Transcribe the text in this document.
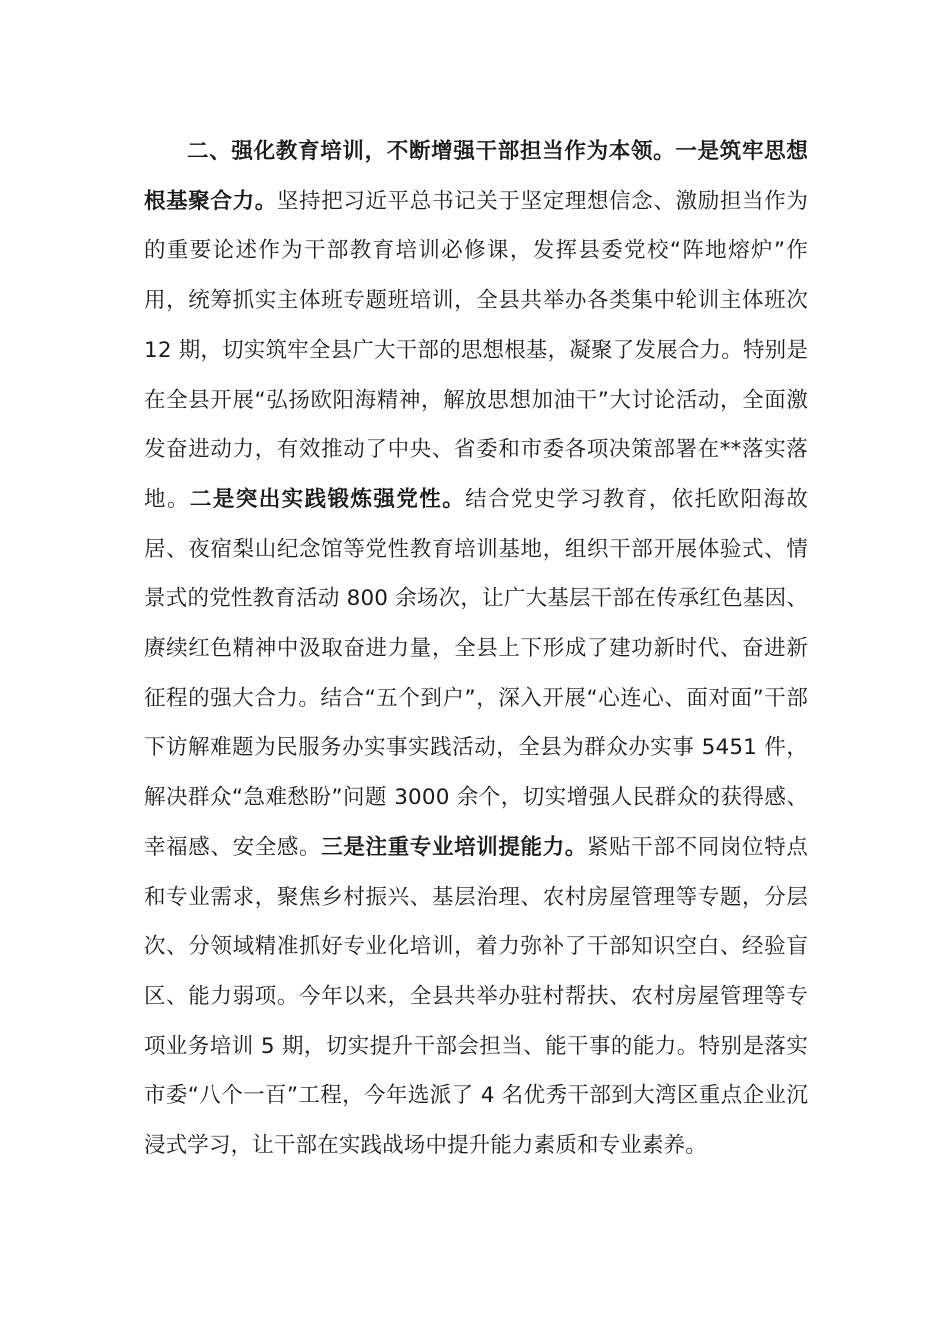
二、强化教育培训，不断增强干部担当作为本领。一是筑牢思想根基聚合力。坚持把习近平总书记关于坚定理想信念、激励担当作为的重要论述作为干部教育培训必修课，发挥县委党校“阵地熔炉”作用，统筹抓实主体班专题班培训，全县共举办各类集中轮训主体班次 12 期，切实筑牢全县广大干部的思想根基，凝聚了发展合力。特别是在全县开展“弘扬欧阳海精神，解放思想加油干”大讨论活动，全面激发奋进动力，有效推动了中央、省委和市委各项决策部署在**落实落地。二是突出实践锻炼强党性。结合党史学习教育，依托欧阳海故居、夜宿梨山纪念馆等党性教育培训基地，组织干部开展体验式、情景式的党性教育活动 800 余场次，让广大基层干部在传承红色基因、赓续红色精神中汲取奋进力量，全县上下形成了建功新时代、奋进新征程的强大合力。结合“五个到户”，深入开展“心连心、面对面”干部下访解难题为民服务办实事实践活动，全县为群众办实事 5451 件，解决群众“急难愁盼”问题 3000 余个，切实增强人民群众的获得感、幸福感、安全感。三是注重专业培训提能力。紧贴干部不同岗位特点和专业需求，聚焦乡村振兴、基层治理、农村房屋管理等专题，分层次、分领域精准抓好专业化培训，着力弥补了干部知识空白、经验盲区、能力弱项。今年以来，全县共举办驻村帮扶、农村房屋管理等专项业务培训 5 期，切实提升干部会担当、能干事的能力。特别是落实市委“八个一百”工程，今年选派了 4 名优秀干部到大湾区重点企业沉浸式学习，让干部在实践战场中提升能力素质和专业素养。
